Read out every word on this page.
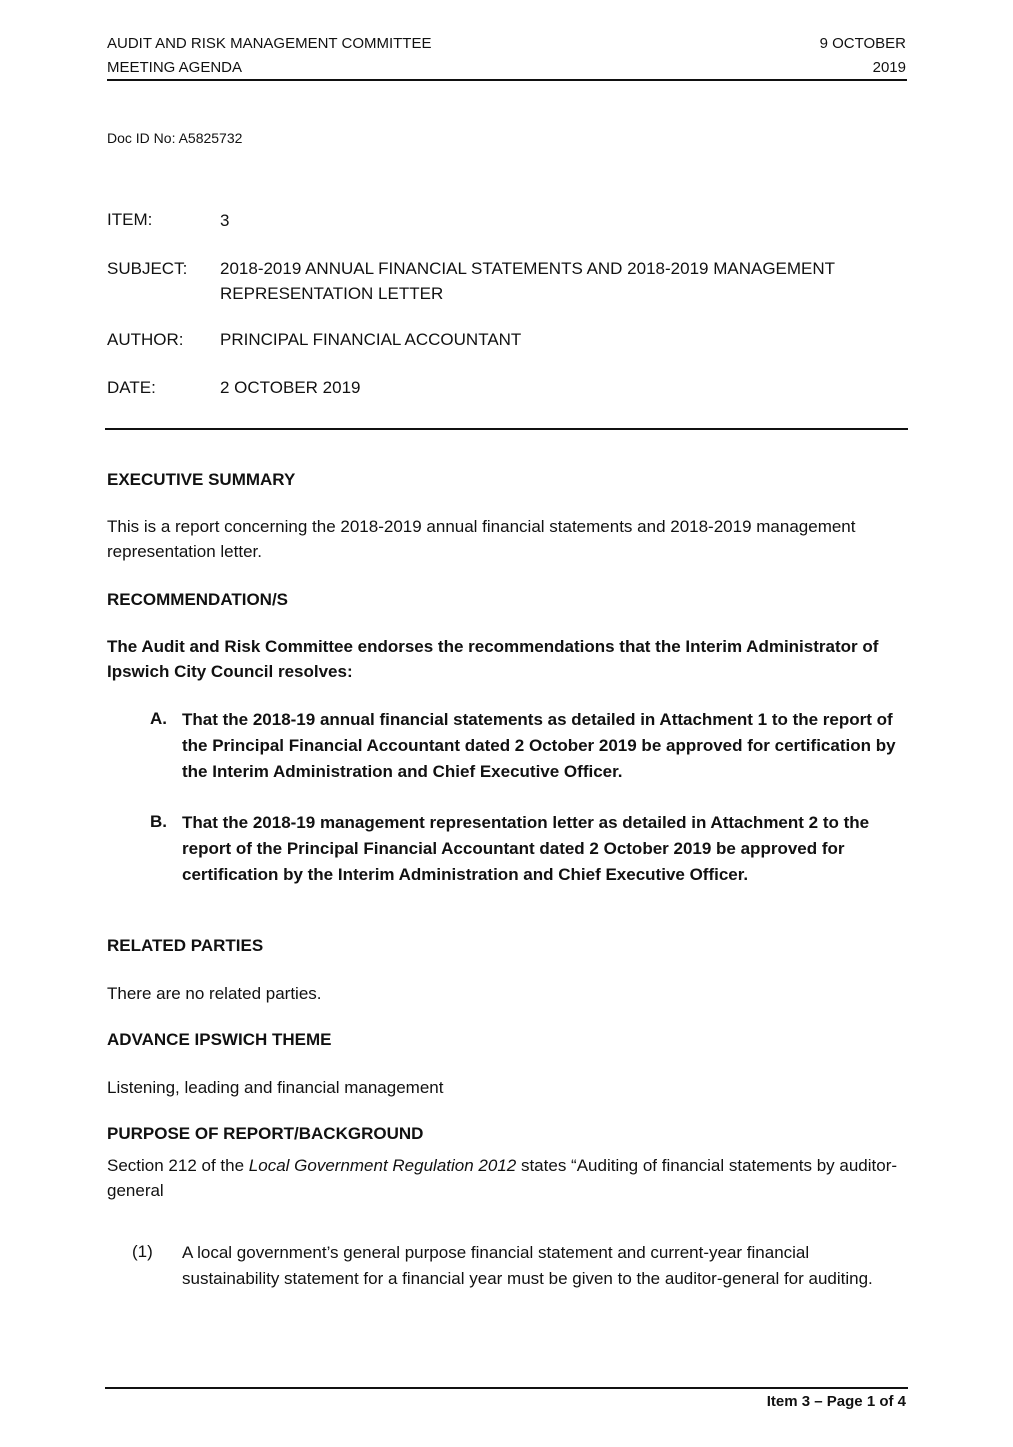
AUDIT AND RISK MANAGEMENT COMMITTEE
MEETING AGENDA
9 OCTOBER
2019
Doc ID No: A5825732
ITEM:	3
SUBJECT: 2018-2019 ANNUAL FINANCIAL STATEMENTS AND 2018-2019 MANAGEMENT REPRESENTATION LETTER
AUTHOR: PRINCIPAL FINANCIAL ACCOUNTANT
DATE:	2 OCTOBER 2019
EXECUTIVE SUMMARY
This is a report concerning the 2018-2019 annual financial statements and 2018-2019 management representation letter.
RECOMMENDATION/S
The Audit and Risk Committee endorses the recommendations that the Interim Administrator of Ipswich City Council resolves:
A. That the 2018-19 annual financial statements as detailed in Attachment 1 to the report of the Principal Financial Accountant dated 2 October 2019 be approved for certification by the Interim Administration and Chief Executive Officer.
B. That the 2018-19 management representation letter as detailed in Attachment 2 to the report of the Principal Financial Accountant dated 2 October 2019 be approved for certification by the Interim Administration and Chief Executive Officer.
RELATED PARTIES
There are no related parties.
ADVANCE IPSWICH THEME
Listening, leading and financial management
PURPOSE OF REPORT/BACKGROUND
Section 212 of the Local Government Regulation 2012 states “Auditing of financial statements by auditor-general
(1) A local government’s general purpose financial statement and current-year financial sustainability statement for a financial year must be given to the auditor-general for auditing.
Item 3 – Page 1 of 4
